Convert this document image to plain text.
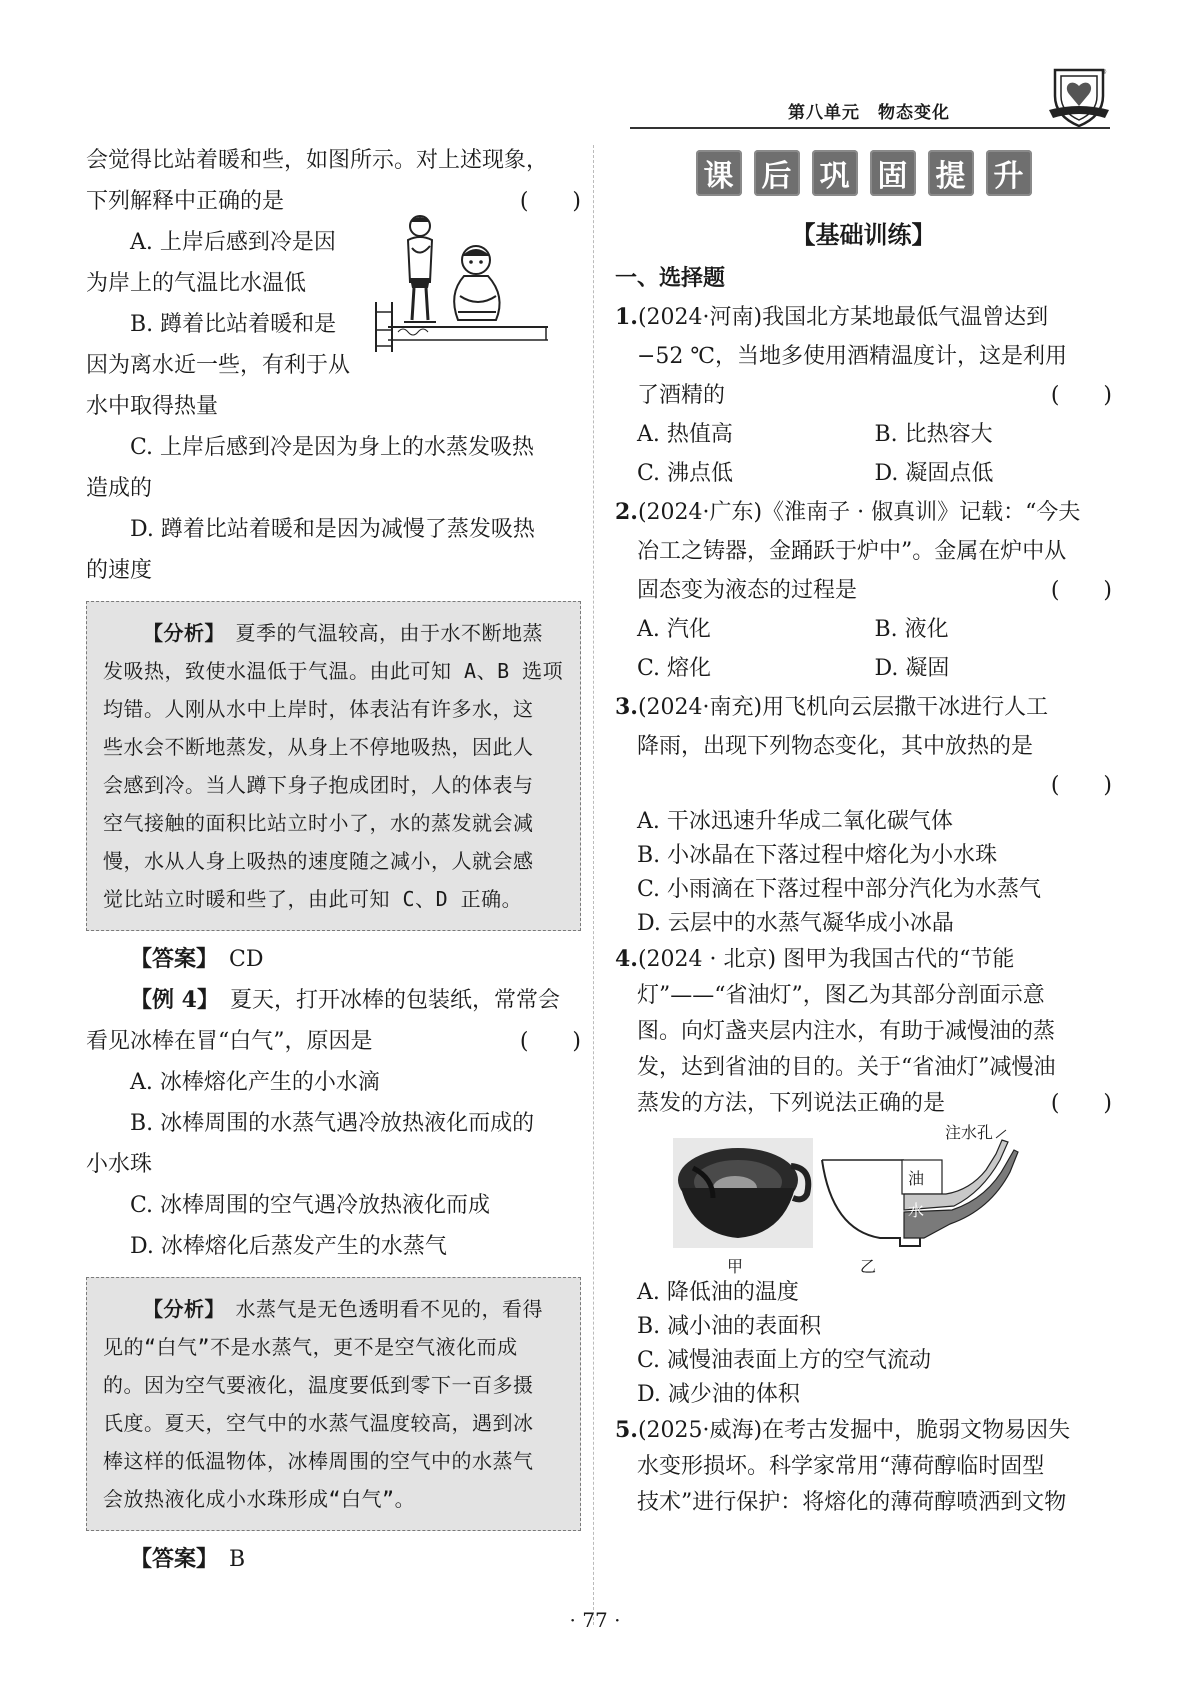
第八单元　物态变化
®

会觉得比站着暖和些，如图所示。对上述现象，

下列解释中正确的是	(　　)

A. 上岸后感到冷是因

为岸上的气温比水温低

B. 蹲着比站着暖和是

因为离水近一些，有利于从

水中取得热量

C. 上岸后感到冷是因为身上的水蒸发吸热

造成的

D. 蹲着比站着暖和是因为减慢了蒸发吸热

的速度

【分析】　 夏季的气温较高，由于水不断地蒸

发吸热，致使水温低于气温。由此可知 A、B 选项

均错。人刚从水中上岸时，体表沾有许多水，这

些水会不断地蒸发，从身上不停地吸热，因此人

会感到冷。当人蹲下身子抱成团时，人的体表与

空气接触的面积比站立时小了，水的蒸发就会减

慢，水从人身上吸热的速度随之减小，人就会感

觉比站立时暖和些了，由此可知 C、D 正确。

【答案】　 CD

【例 4】　 夏天，打开冰棒的包装纸，常常会

看见冰棒在冒“白气”，原因是	(　　)

A. 冰棒熔化产生的小水滴

B. 冰棒周围的水蒸气遇冷放热液化而成的

小水珠

C. 冰棒周围的空气遇冷放热液化而成

D. 冰棒熔化后蒸发产生的水蒸气

【分析】　 水蒸气是无色透明看不见的，看得

见的“白气”不是水蒸气，更不是空气液化而成

的。因为空气要液化，温度要低到零下一百多摄

氏度。夏天，空气中的水蒸气温度较高，遇到冰

棒这样的低温物体，冰棒周围的空气中的水蒸气

会放热液化成小水珠形成“白气”。

【答案】　 B

课 后 巩 固 提 升

【基础训练】

一、选择题

1.(2024·河南)我国北方某地最低气温曾达到

−52 ℃，当地多使用酒精温度计，这是利用

了酒精的	(　　)
A. 热值高	B. 比热容大
C. 沸点低	D. 凝固点低

2.(2024·广东)《淮南子 · 俶真训》记载：“今夫

冶工之铸器，金踊跃于炉中”。金属在炉中从

固态变为液态的过程是	(　　)
A. 汽化	B. 液化
C. 熔化	D. 凝固

3.(2024·南充)用飞机向云层撒干冰进行人工

降雨，出现下列物态变化，其中放热的是

(　　)
A. 干冰迅速升华成二氧化碳气体
B. 小冰晶在下落过程中熔化为小水珠
C. 小雨滴在下落过程中部分汽化为水蒸气
D. 云层中的水蒸气凝华成小冰晶

4.(2024 · 北京) 图甲为我国古代的“节能

灯”——“省油灯”，图乙为其部分剖面示意

图。向灯盏夹层内注水，有助于减慢油的蒸

发，达到省油的目的。关于“省油灯”减慢油

蒸发的方法，下列说法正确的是	(　　)
甲
注水孔
油
水
乙
A. 降低油的温度
B. 减小油的表面积
C. 减慢油表面上方的空气流动
D. 减少油的体积

5.(2025·威海)在考古发掘中，脆弱文物易因失

水变形损坏。科学家常用“薄荷醇临时固型

技术”进行保护：将熔化的薄荷醇喷洒到文物

· 77 ·
